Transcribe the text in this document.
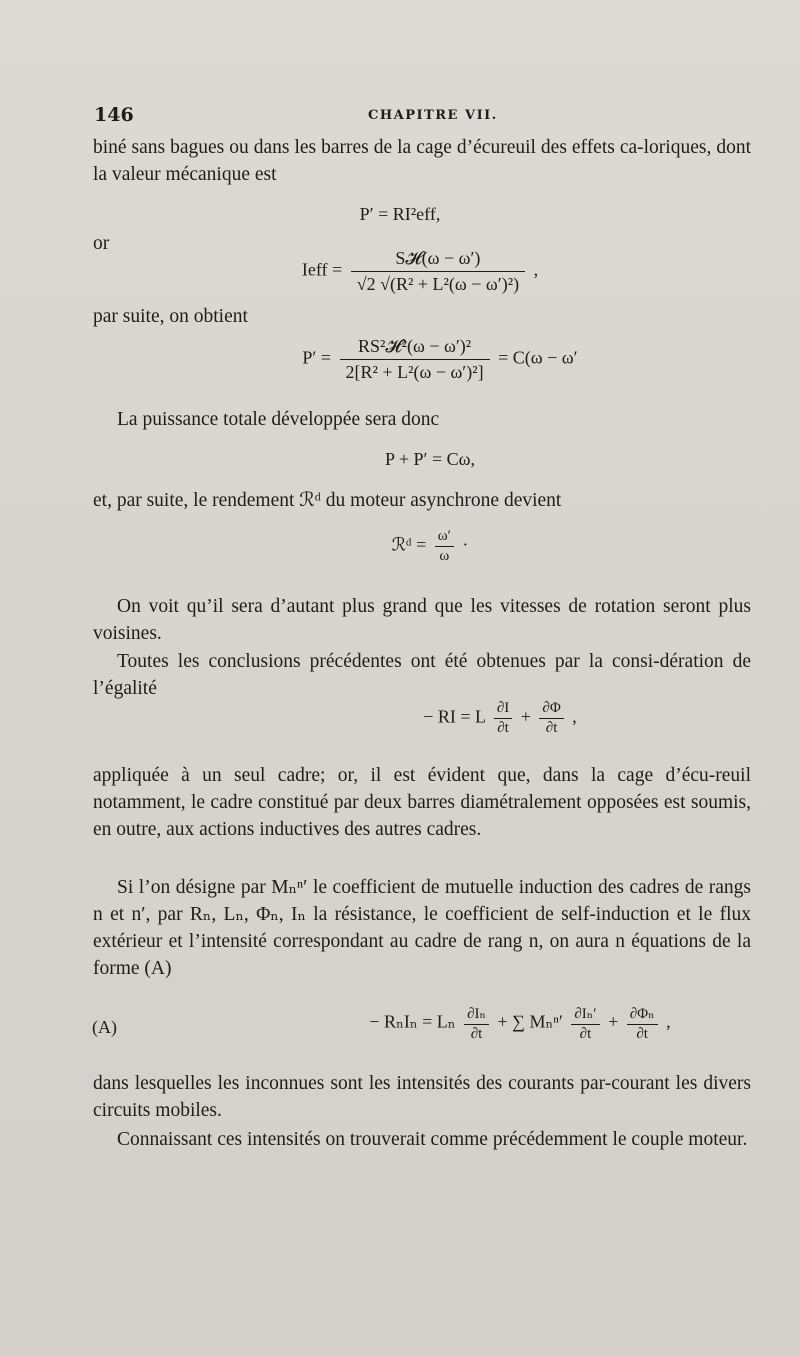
146	CHAPITRE VII.
biné sans bagues ou dans les barres de la cage d’écureuil des effets ca-loriques, dont la valeur mécanique est
P′ = RI²eff,
or
Ieff = $\frac{\text{S𝓗(ω − ω′)}}{\text{√2 √(R² + L²(ω − ω′)²)}}$ ,
par suite, on obtient
$P' = \frac{\text{RS²𝓗²(ω − ω′)²}}{\text{2[R² + L²(ω − ω′)²]}} = C(\omega - \omega'$
La puissance totale développée sera donc
P + P′ = Cω,
et, par suite, le rendement ℛᵈ du moteur asynchrone devient
ℛᵈ = $\frac{\omega'}{\omega}$ ·
On voit qu’il sera d’autant plus grand que les vitesses de rotation seront plus voisines.
Toutes les conclusions précédentes ont été obtenues par la consi-dération de l’égalité
− RI = L $\frac{\partial I}{\partial t} + \frac{\partial\Phi}{\partial t}$ ,
appliquée à un seul cadre; or, il est évident que, dans la cage d’écu-reuil notamment, le cadre constitué par deux barres diamétralement opposées est soumis, en outre, aux actions inductives des autres cadres.
Si l’on désigne par Mₙⁿ′ le coefficient de mutuelle induction des cadres de rangs n et n′, par Rₙ, Lₙ, Φₙ, Iₙ la résistance, le coefficient de self-induction et le flux extérieur et l’intensité correspondant au cadre de rang n, on aura n équations de la forme (A)
(A)	− RₙIₙ = Lₙ $\frac{\text{∂Iₙ}}{\partial t}$ + ∑ $M_n^n' \frac{\text{∂Iₙ′}}{\partial t} + \frac{\text{∂Φₙ}}{\partial t}$ ,
dans lesquelles les inconnues sont les intensités des courants par-courant les divers circuits mobiles.
Connaissant ces intensités on trouverait comme précédemment le couple moteur.
